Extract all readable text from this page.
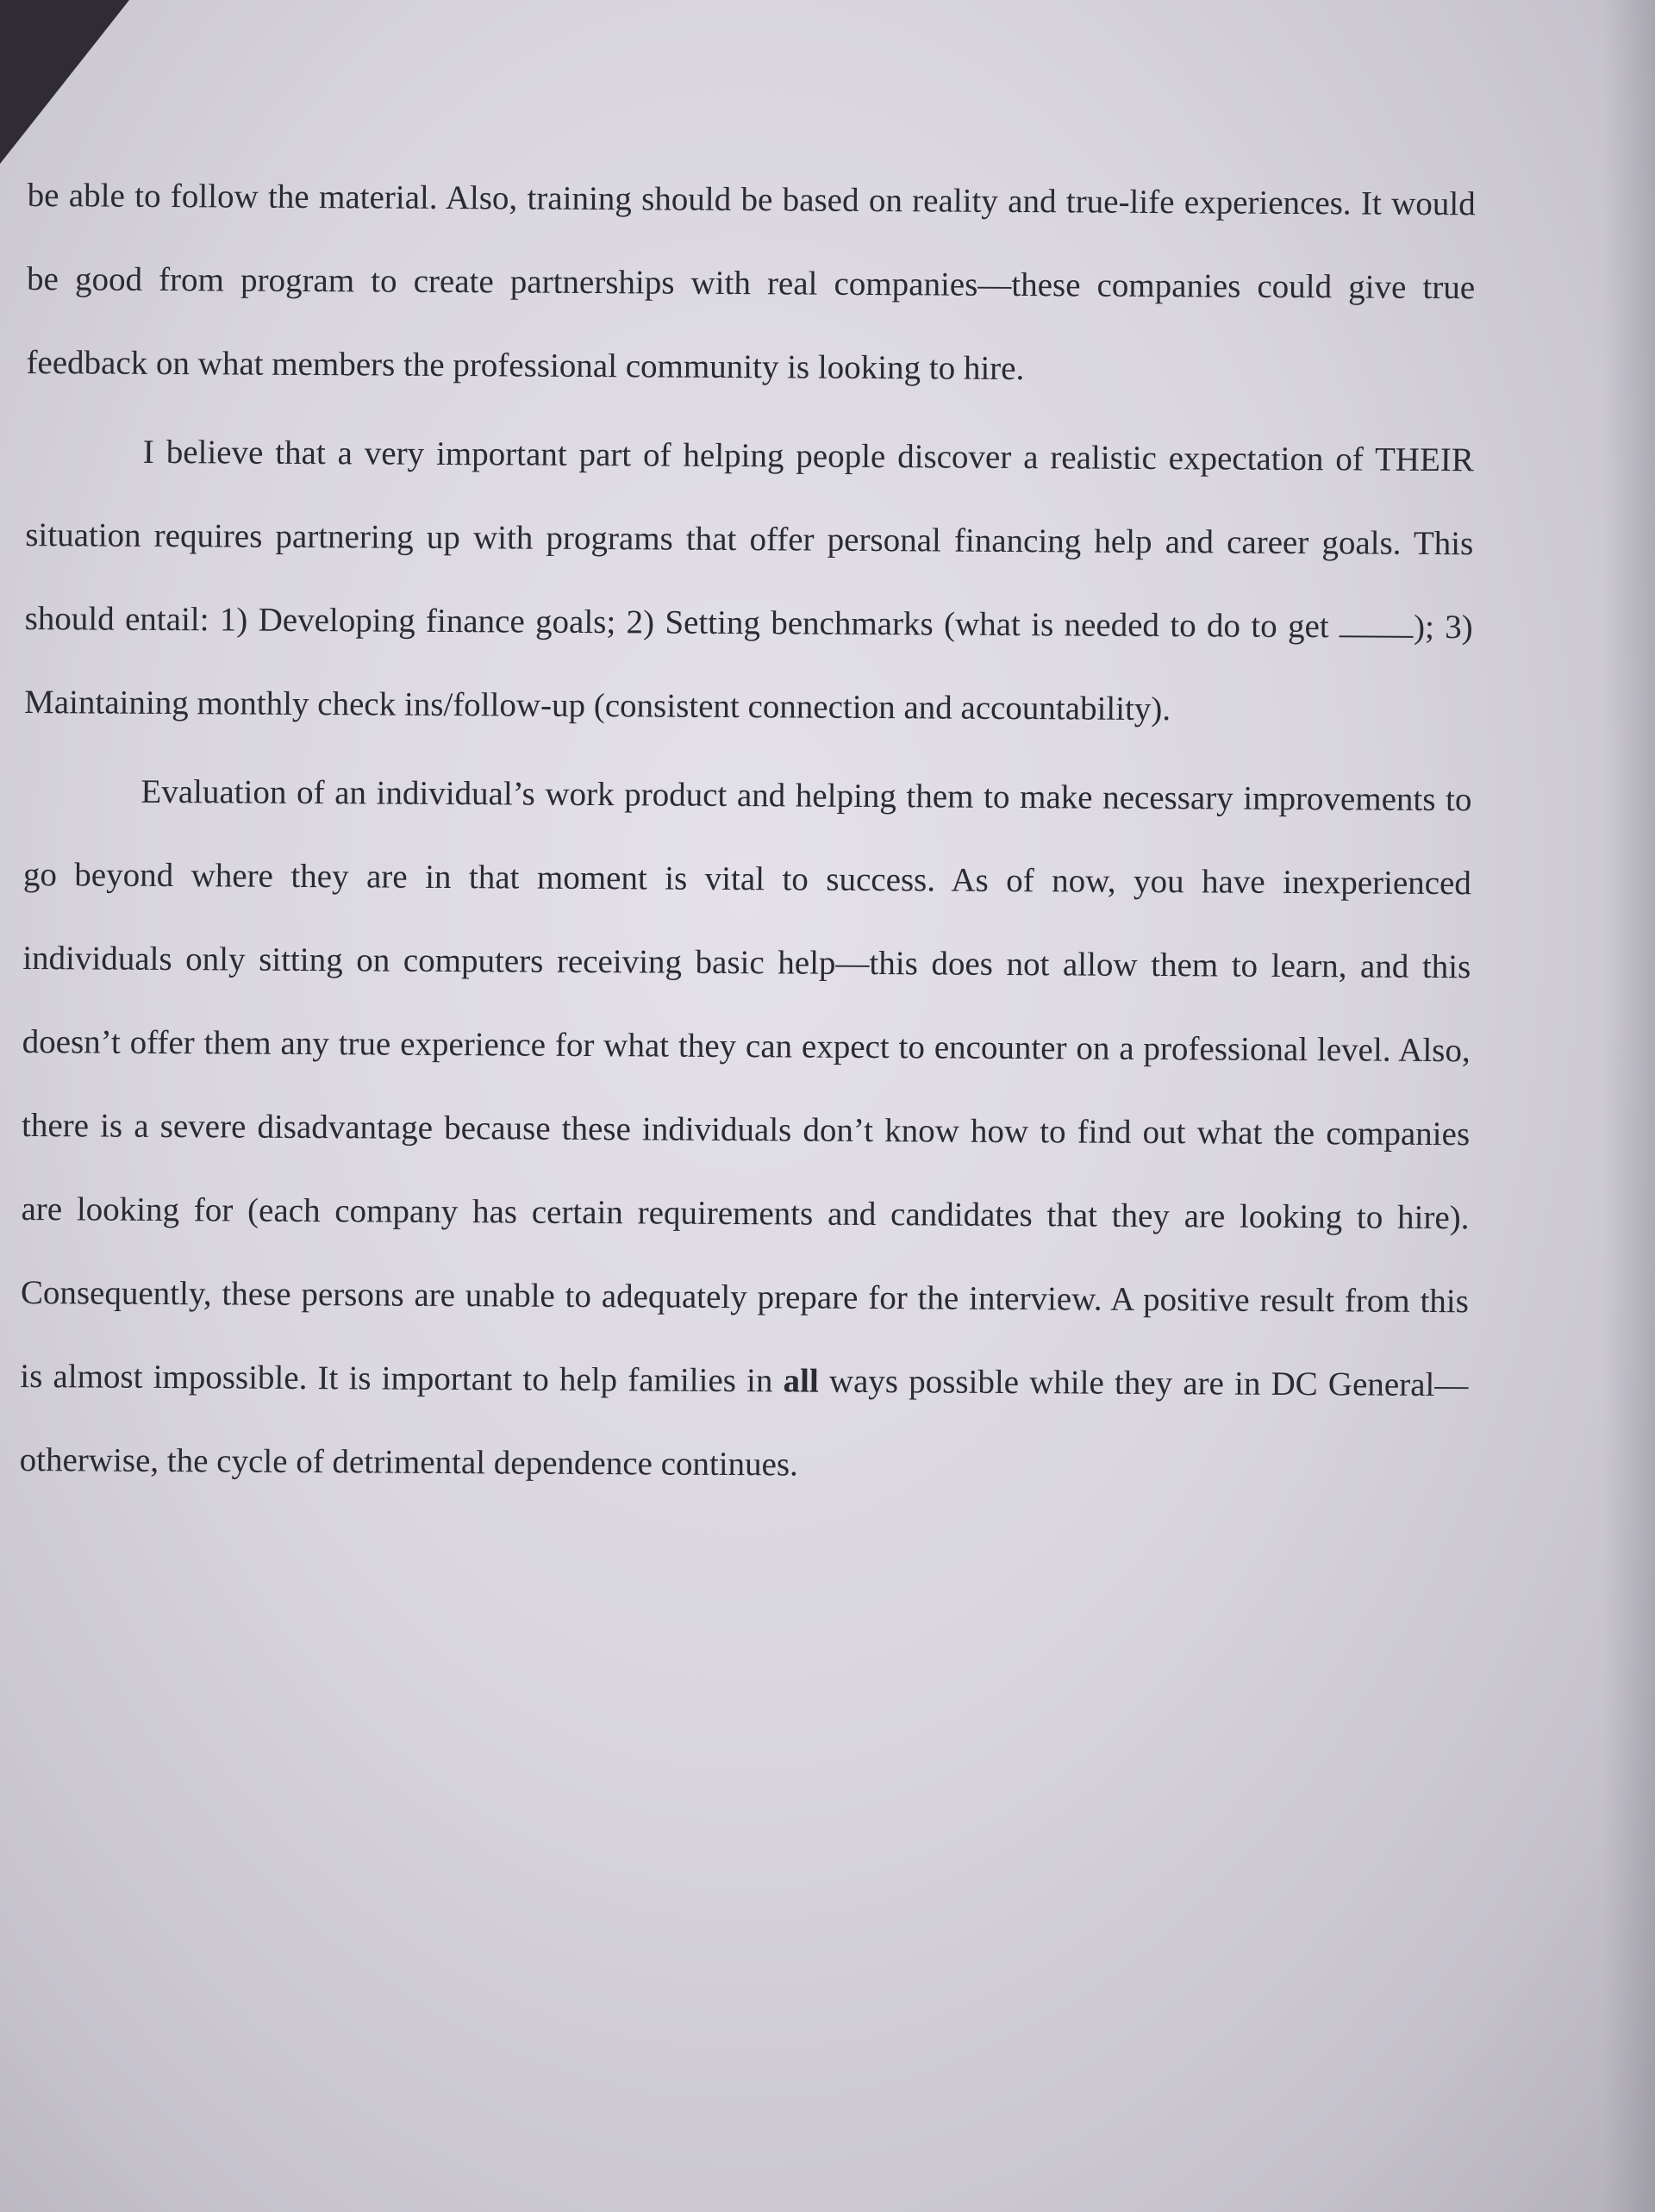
be able to follow the material. Also, training should be based on reality and true-life experiences. It would be good from program to create partnerships with real companies—these companies could give true feedback on what members the professional community is looking to hire.

I believe that a very important part of helping people discover a realistic expectation of THEIR situation requires partnering up with programs that offer personal financing help and career goals. This should entail: 1) Developing finance goals; 2) Setting benchmarks (what is needed to do to get	); 3) Maintaining monthly check ins/follow-up (consistent connection and accountability).

Evaluation of an individual’s work product and helping them to make necessary improvements to go beyond where they are in that moment is vital to success. As of now, you have inexperienced individuals only sitting on computers receiving basic help—this does not allow them to learn, and this doesn’t offer them any true experience for what they can expect to encounter on a professional level. Also, there is a severe disadvantage because these individuals don’t know how to find out what the companies are looking for (each company has certain requirements and candidates that they are looking to hire). Consequently, these persons are unable to adequately prepare for the interview. A positive result from this is almost impossible. It is important to help families in all ways possible while they are in DC General—otherwise, the cycle of detrimental dependence continues.
